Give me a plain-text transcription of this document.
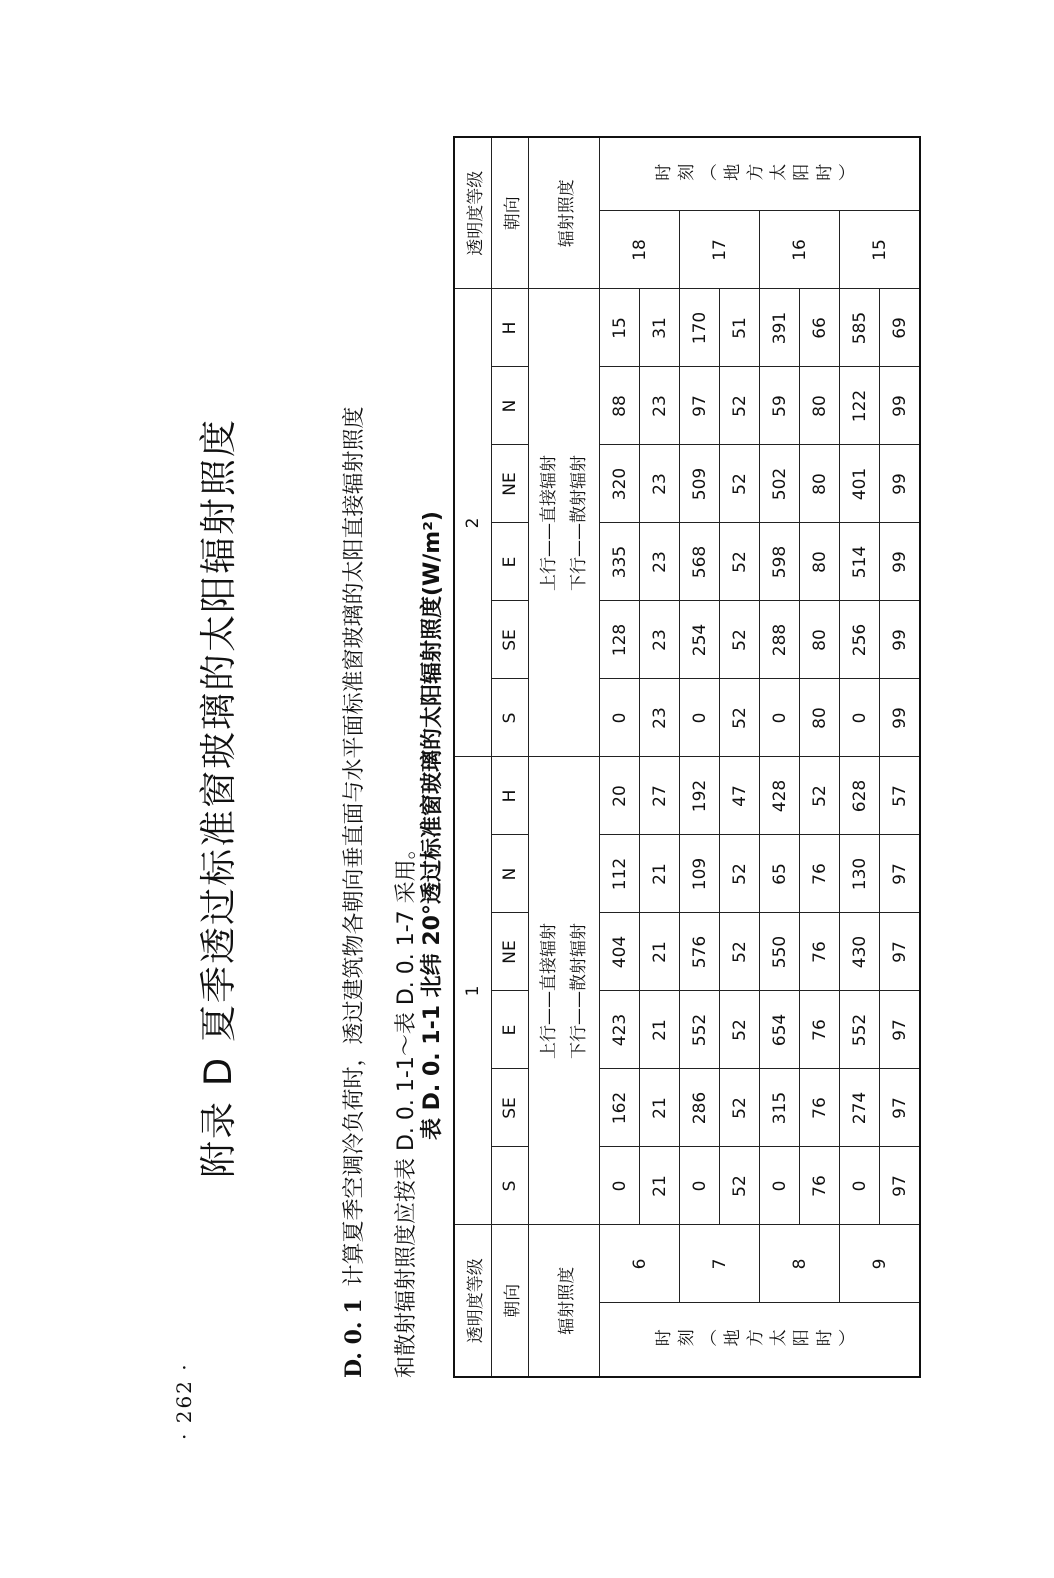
· 262 ·
附录 D 夏季透过标准窗玻璃的太阳辐射照度
D. 0. 1计算夏季空调冷负荷时，透过建筑物各朝向垂直面与水平面标准窗玻璃的太阳直接辐射照度	和散射辐射照度应按表 D. 0. 1-1～表 D. 0. 1-7 采用。 表 D. 0. 1-1 北纬 20°透过标准窗玻璃的太阳辐射照度(W/m²)
透明度等级		1						2						透明度等级	
朝向		S	SE	E	NE	N	H	S	SE	E	NE	N	H	朝向	
辐射照度		上行——直接辐射 下行——散射辐射						上行——直接辐射 下行——散射辐射						辐射照度	
时刻（地方太阳时）	6	0	162	423	404	112	20	0	128	335	320	88	15	18	时刻（地方太阳时）
		21	21	21	21	21	27	23	23	23	23	23	31		
	7	0	286	552	576	109	192	0	254	568	509	97	170	17	
		52	52	52	52	52	47	52	52	52	52	52	51		
	8	0	315	654	550	65	428	0	288	598	502	59	391	16	
		76	76	76	76	76	52	80	80	80	80	80	66		
	9	0	274	552	430	130	628	0	256	514	401	122	585	15	
		97	97	97	97	97	57	99	99	99	99	99	69		
